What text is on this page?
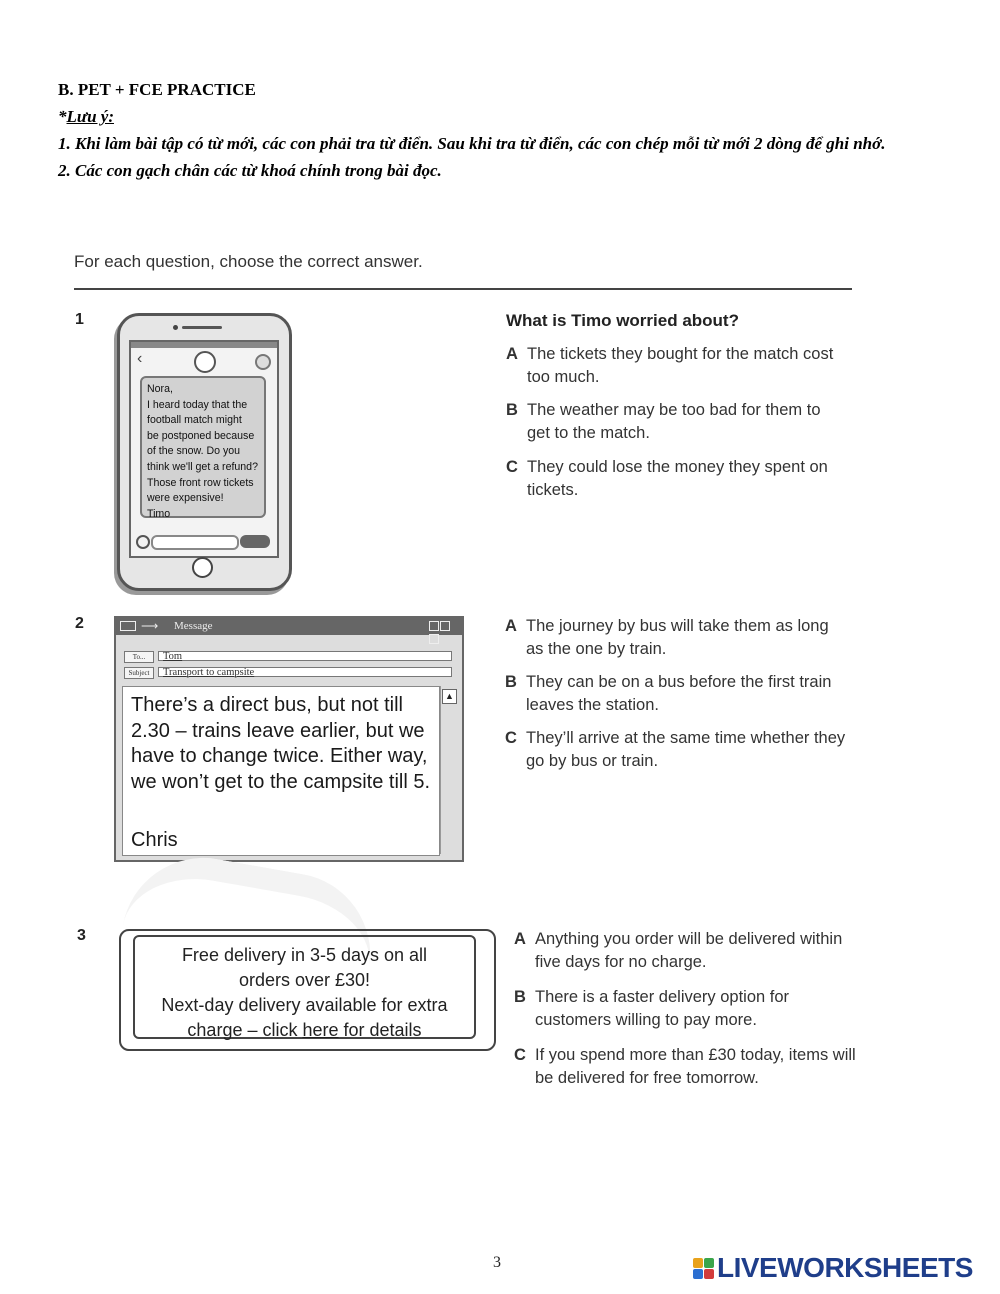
B. PET + FCE PRACTICE
*Lưu ý:
1. Khi làm bài tập có từ mới, các con phải tra từ điển. Sau khi tra từ điển, các con chép mỗi từ mới 2 dòng để ghi nhớ.
2. Các con gạch chân các từ khoá chính trong bài đọc.
For each question, choose the correct answer.
1
‹

Nora,

I heard today that the

football match might

be postponed because

of the snow. Do you

think we'll get a refund?

Those front row tickets

were expensive!

Timo

What is Timo worried about?
A The tickets they bought for the match cost too much.
B The weather may be too bad for them to get to the match.
C They could lose the money they spent on tickets.
2	⟶ Message
To...	Tom
Subject	Transport to campsite
There’s a direct bus, but not till 2.30 – trains leave earlier, but we have to change twice. Either way, we won’t get to the campsite till 5.
Chris
▲
A The journey by bus will take them as long as the one by train.
B They can be on a bus before the first train leaves the station.
C They’ll arrive at the same time whether they go by bus or train.
3
Free delivery in 3-5 days on all
orders over £30!
Next-day delivery available for extra
charge – click here for details
A Anything you order will be delivered within five days for no charge.
B There is a faster delivery option for customers willing to pay more.
C If you spend more than £30 today, items will be delivered for free tomorrow.
3	LIVEWORKSHEETS
